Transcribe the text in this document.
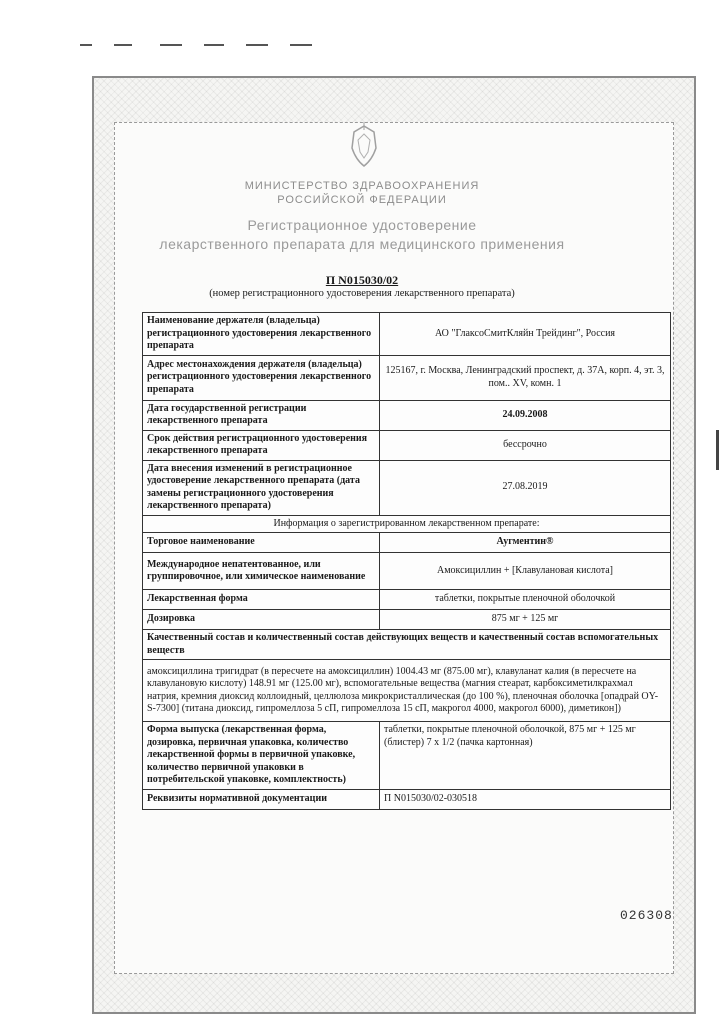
МИНИСТЕРСТВО ЗДРАВООХРАНЕНИЯ
РОССИЙСКОЙ ФЕДЕРАЦИИ
Регистрационное удостоверение
лекарственного препарата для медицинского применения
П N015030/02
(номер регистрационного удостоверения лекарственного препарата)
Наименование держателя (владельца) регистрационного удостоверения лекарственного препарата	АО "ГлаксоСмитКляйн Трейдинг", Россия
Адрес местонахождения держателя (владельца) регистрационного удостоверения лекарственного препарата	125167, г. Москва, Ленинградский проспект, д. 37А, корп. 4, эт. 3, пом.. XV, комн. 1
Дата государственной регистрации лекарственного препарата	24.09.2008
Срок действия регистрационного удостоверения лекарственного препарата	бессрочно
Дата внесения изменений в регистрационное удостоверение лекарственного препарата (дата замены регистрационного удостоверения лекарственного препарата)	27.08.2019
Информация о зарегистрированном лекарственном препарате:	
Торговое наименование	Аугментин®
Международное непатентованное, или группировочное, или химическое наименование	Амоксициллин + [Клавулановая кислота]
Лекарственная форма	таблетки, покрытые пленочной оболочкой
Дозировка	875 мг + 125 мг
Качественный состав и количественный состав действующих веществ и качественный состав вспомогательных веществ	
амоксициллина тригидрат (в пересчете на амоксициллин) 1004.43 мг (875.00 мг), клавуланат калия (в пересчете на клавулановую кислоту) 148.91 мг (125.00 мг), вспомогательные вещества (магния стеарат, карбоксиметилкрахмал натрия, кремния диоксид коллоидный, целлюлоза микрокристаллическая (до 100 %), пленочная оболочка [опадрай OY-S-7300] (титана диоксид, гипромеллоза 5 сП, гипромеллоза 15 сП, макрогол 4000, макрогол 6000), диметикон])	
Форма выпуска (лекарственная форма, дозировка, первичная упаковка, количество лекарственной формы в первичной упаковке, количество первичной упаковки в потребительской упаковке, комплектность)	таблетки, покрытые пленочной оболочкой, 875 мг + 125 мг (блистер) 7 х 1/2 (пачка картонная)
Реквизиты нормативной документации	П N015030/02-030518
026308
